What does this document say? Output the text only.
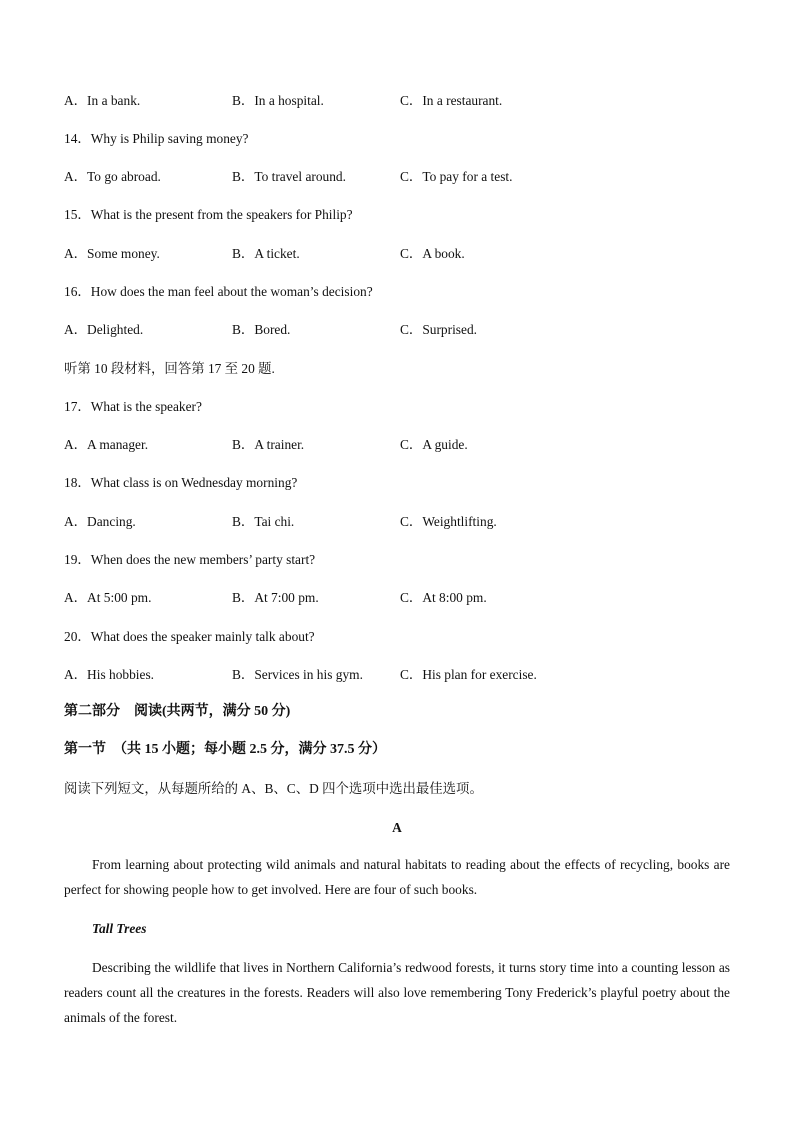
A．In a bank.	B．In a hospital.	C．In a restaurant.
14．Why is Philip saving money?
A．To go abroad.	B．To travel around.	C．To pay for a test.
15．What is the present from the speakers for Philip?
A．Some money.	B．A ticket.	C．A book.
16．How does the man feel about the woman’s decision?
A．Delighted.	B．Bored.	C．Surprised.
听第 10 段材料，回答第 17 至 20 题.
17．What is the speaker?
A．A manager.	B．A trainer.	C．A guide.
18．What class is on Wednesday morning?
A．Dancing.	B．Tai chi.	C．Weightlifting.
19．When does the new members’ party start?
A．At 5:00 pm.	B．At 7:00 pm.	C．At 8:00 pm.
20．What does the speaker mainly talk about?
A．His hobbies.	B．Services in his gym.	C．His plan for exercise.
第二部分　阅读(共两节，满分 50 分)
第一节　（共 15 小题；每小题 2.5 分，满分 37.5 分）
阅读下列短文，从每题所给的 A、B、C、D 四个选项中选出最佳选项。
A
From learning about protecting wild animals and natural habitats to reading about the effects of recycling, books are perfect for showing people how to get involved. Here are four of such books.
Tall Trees
Describing the wildlife that lives in Northern California’s redwood forests, it turns story time into a counting lesson as readers count all the creatures in the forests. Readers will also love remembering Tony Frederick’s playful poetry about the animals of the forest.
